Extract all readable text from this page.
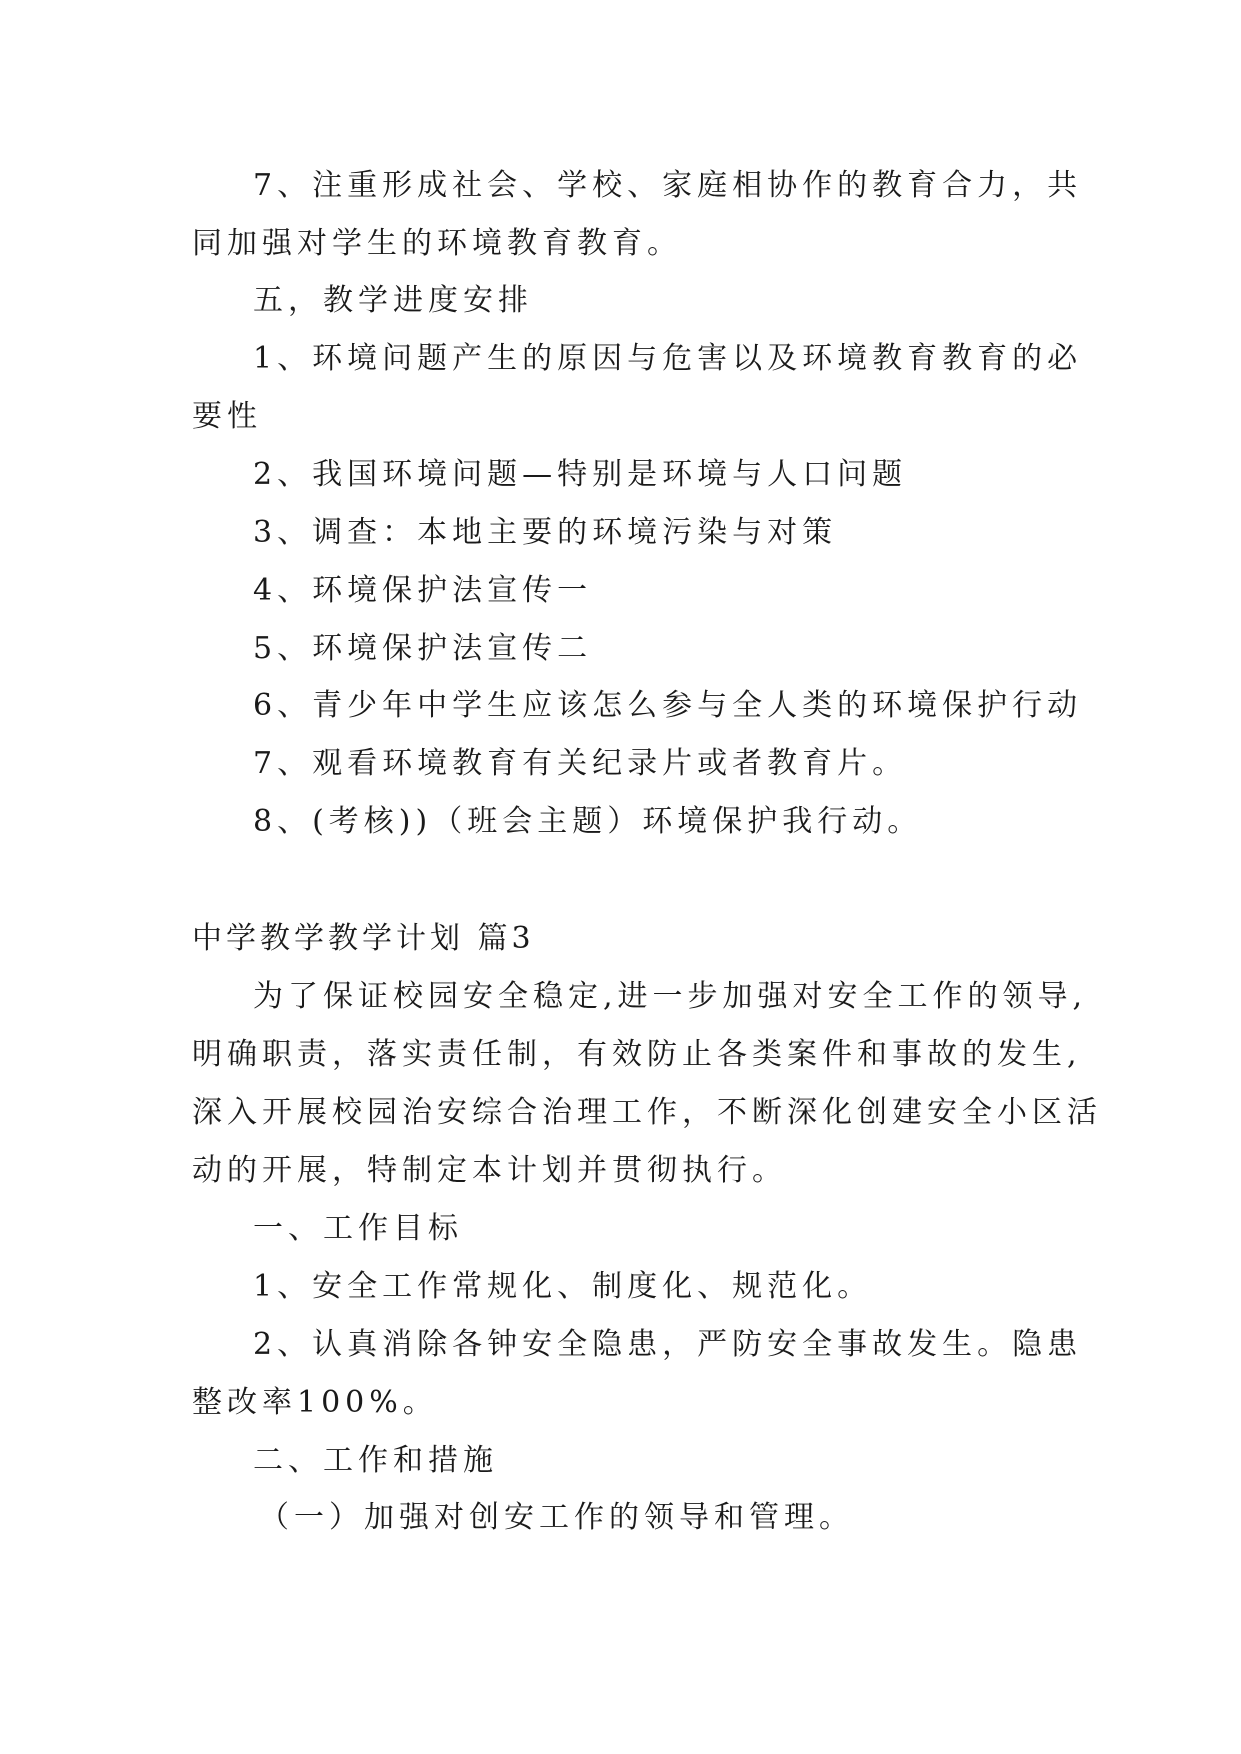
7、注重形成社会、学校、家庭相协作的教育合力，共
同加强对学生的环境教育教育。
五，教学进度安排
1、环境问题产生的原因与危害以及环境教育教育的必
要性
2、我国环境问题—特别是环境与人口问题
3、调查：本地主要的环境污染与对策
4、环境保护法宣传一
5、环境保护法宣传二
6、青少年中学生应该怎么参与全人类的环境保护行动
7、观看环境教育有关纪录片或者教育片。
8、(考核))（班会主题）环境保护我行动。
中学教学教学计划 篇3
为了保证校园安全稳定,进一步加强对安全工作的领导,
明确职责，落实责任制，有效防止各类案件和事故的发生,
深入开展校园治安综合治理工作，不断深化创建安全小区活
动的开展，特制定本计划并贯彻执行。
一、工作目标
1、安全工作常规化、制度化、规范化。
2、认真消除各钟安全隐患，严防安全事故发生。隐患
整改率100%。
二、工作和措施
（一）加强对创安工作的领导和管理。
